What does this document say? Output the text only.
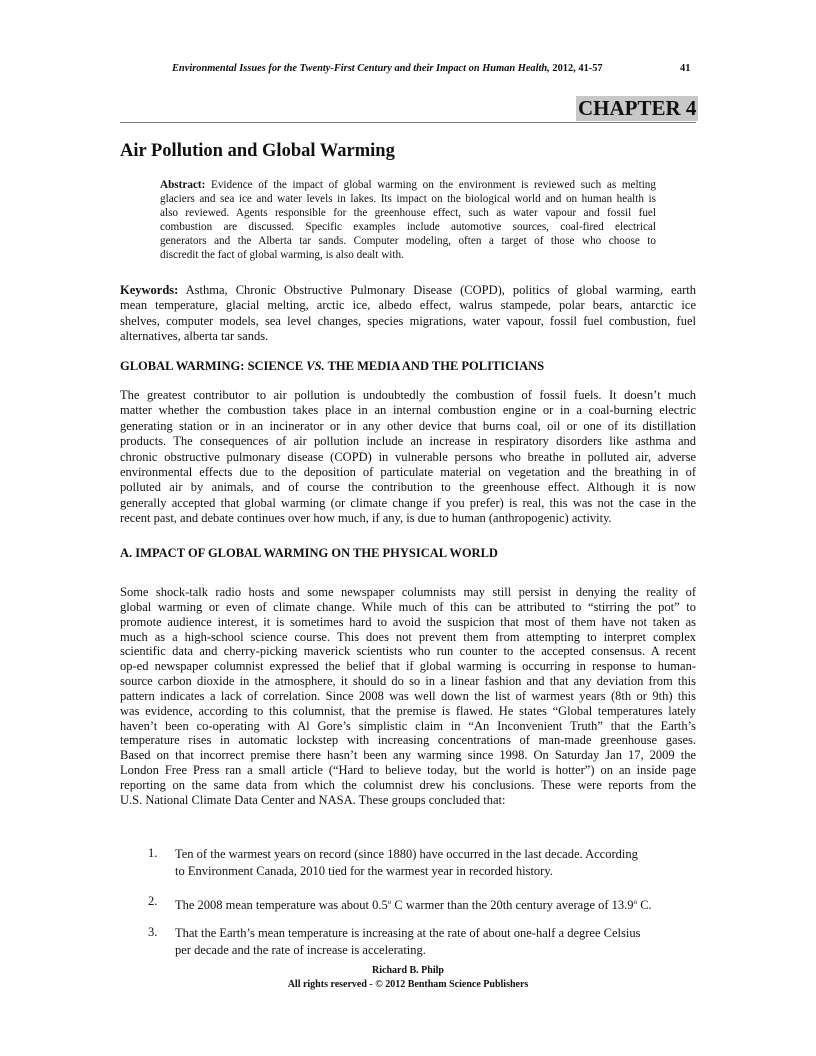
Environmental Issues for the Twenty-First Century and their Impact on Human Health, 2012, 41-57	41
CHAPTER 4
Air Pollution and Global Warming
Abstract: Evidence of the impact of global warming on the environment is reviewed such as melting
glaciers and sea ice and water levels in lakes. Its impact on the biological world and on human health is
also reviewed. Agents responsible for the greenhouse effect, such as water vapour and fossil fuel
combustion are discussed. Specific examples include automotive sources, coal-fired electrical
generators and the Alberta tar sands. Computer modeling, often a target of those who choose to
discredit the fact of global warming, is also dealt with.
Keywords: Asthma, Chronic Obstructive Pulmonary Disease (COPD), politics of global warming, earth
mean temperature, glacial melting, arctic ice, albedo effect, walrus stampede, polar bears, antarctic ice
shelves, computer models, sea level changes, species migrations, water vapour, fossil fuel combustion, fuel
alternatives, alberta tar sands.
GLOBAL WARMING: SCIENCE VS. THE MEDIA AND THE POLITICIANS
The greatest contributor to air pollution is undoubtedly the combustion of fossil fuels. It doesn’t much
matter whether the combustion takes place in an internal combustion engine or in a coal-burning electric
generating station or in an incinerator or in any other device that burns coal, oil or one of its distillation
products. The consequences of air pollution include an increase in respiratory disorders like asthma and
chronic obstructive pulmonary disease (COPD) in vulnerable persons who breathe in polluted air, adverse
environmental effects due to the deposition of particulate material on vegetation and the breathing in of
polluted air by animals, and of course the contribution to the greenhouse effect. Although it is now
generally accepted that global warming (or climate change if you prefer) is real, this was not the case in the
recent past, and debate continues over how much, if any, is due to human (anthropogenic) activity.
A. IMPACT OF GLOBAL WARMING ON THE PHYSICAL WORLD
Some shock-talk radio hosts and some newspaper columnists may still persist in denying the reality of
global warming or even of climate change. While much of this can be attributed to “stirring the pot” to
promote audience interest, it is sometimes hard to avoid the suspicion that most of them have not taken as
much as a high-school science course. This does not prevent them from attempting to interpret complex
scientific data and cherry-picking maverick scientists who run counter to the accepted consensus. A recent
op-ed newspaper columnist expressed the belief that if global warming is occurring in response to human-
source carbon dioxide in the atmosphere, it should do so in a linear fashion and that any deviation from this
pattern indicates a lack of correlation. Since 2008 was well down the list of warmest years (8th or 9th) this
was evidence, according to this columnist, that the premise is flawed. He states “Global temperatures lately
haven’t been co-operating with Al Gore’s simplistic claim in “An Inconvenient Truth” that the Earth’s
temperature rises in automatic lockstep with increasing concentrations of man-made greenhouse gases.
Based on that incorrect premise there hasn’t been any warming since 1998. On Saturday Jan 17, 2009 the
London Free Press ran a small article (“Hard to believe today, but the world is hotter”) on an inside page
reporting on the same data from which the columnist drew his conclusions. These were reports from the
U.S. National Climate Data Center and NASA. These groups concluded that:
1. Ten of the warmest years on record (since 1880) have occurred in the last decade. According
to Environment Canada, 2010 tied for the warmest year in recorded history.
2. The 2008 mean temperature was about 0.5$^o$ C warmer than the 20th century average of 13.9$^o$ C.
3. That the Earth’s mean temperature is increasing at the rate of about one-half a degree Celsius
per decade and the rate of increase is accelerating.
Richard B. Philp
All rights reserved - © 2012 Bentham Science Publishers
